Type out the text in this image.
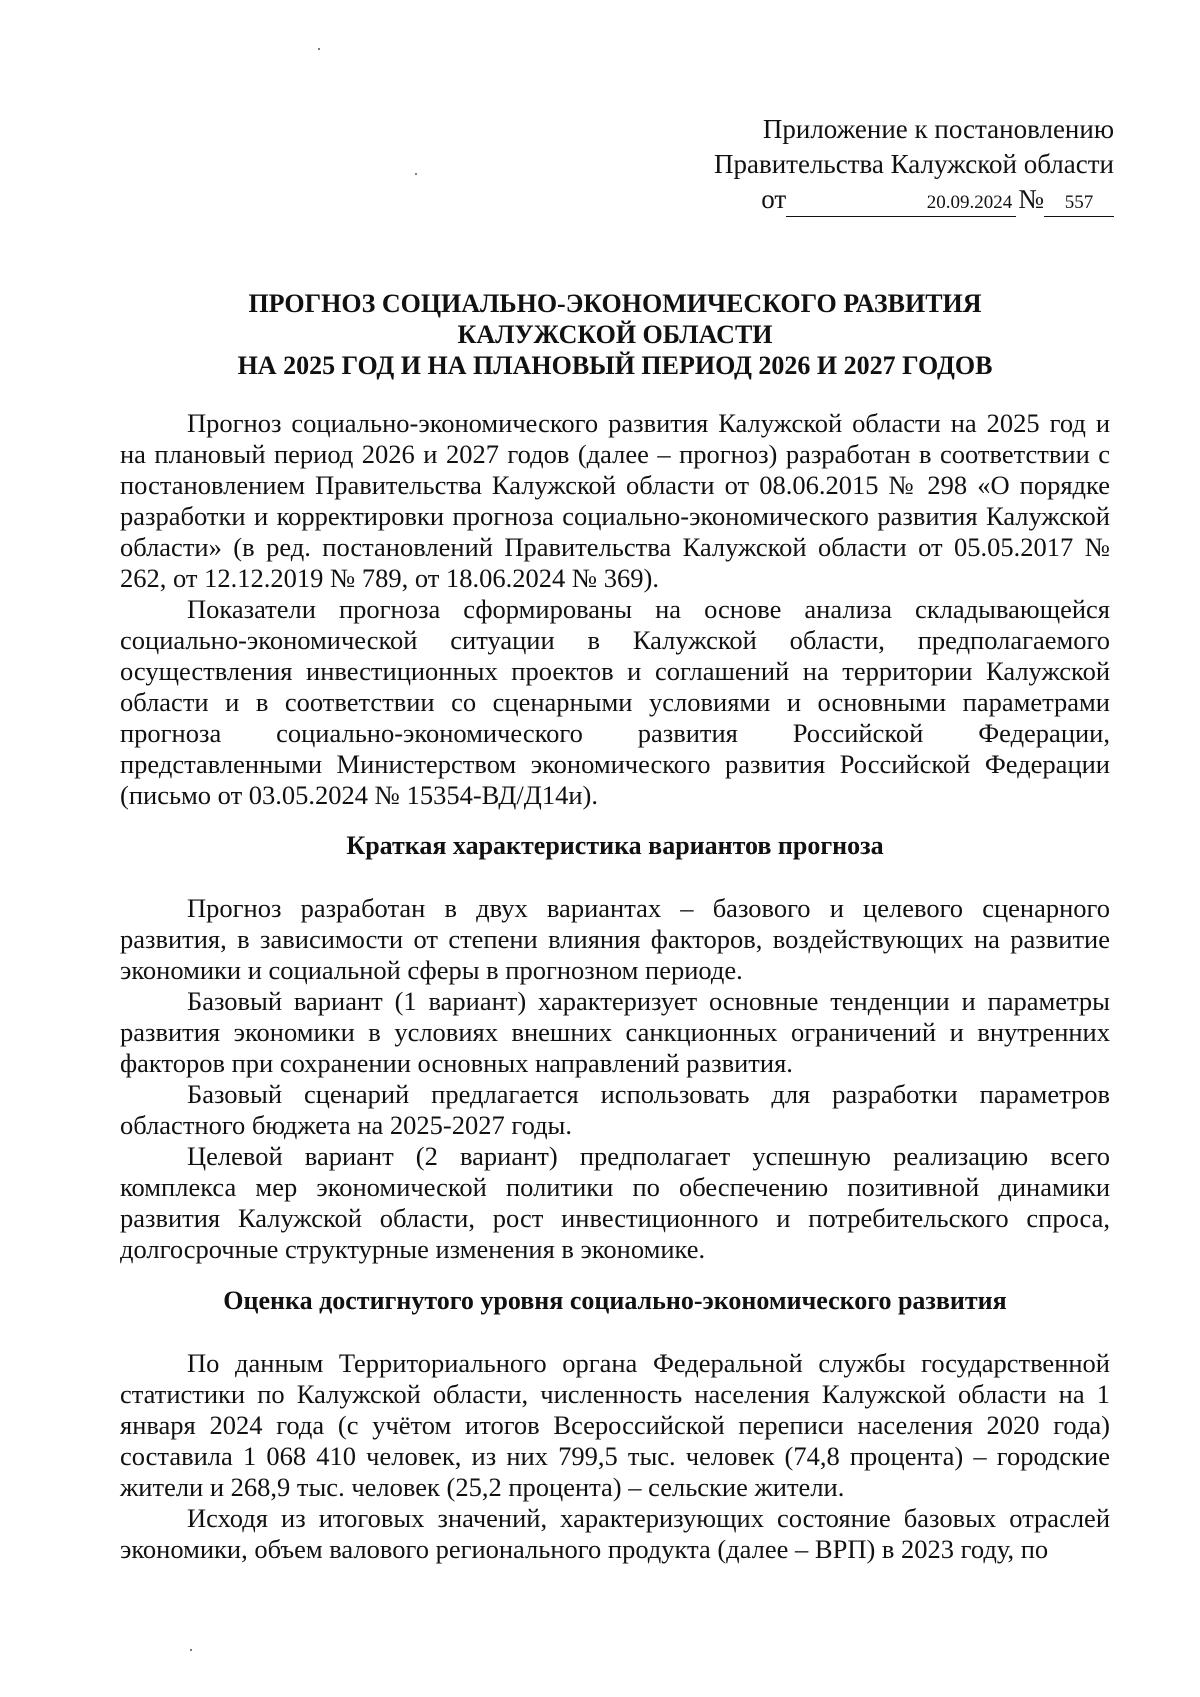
Приложение к постановлению
Правительства Калужской области
от	20.09.2024 № 557
ПРОГНОЗ СОЦИАЛЬНО-ЭКОНОМИЧЕСКОГО РАЗВИТИЯ
КАЛУЖСКОЙ ОБЛАСТИ
НА 2025 ГОД И НА ПЛАНОВЫЙ ПЕРИОД 2026 И 2027 ГОДОВ

Прогноз социально-экономического развития Калужской области на 2025 год и на плановый период 2026 и 2027 годов (далее – прогноз) разработан в соответствии с постановлением Правительства Калужской области от 08.06.2015 № 298 «О порядке разработки и корректировки прогноза социально-экономического развития Калужской области» (в ред. постановлений Правительства Калужской области от 05.05.2017 № 262, от 12.12.2019 № 789, от 18.06.2024 № 369).

Показатели прогноза сформированы на основе анализа складывающейся социально-экономической ситуации в Калужской области, предполагаемого осуществления инвестиционных проектов и соглашений на территории Калужской области и в соответствии со сценарными условиями и основными параметрами прогноза социально-экономического развития Российской Федерации, представленными Министерством экономического развития Российской Федерации (письмо от 03.05.2024 № 15354-ВД/Д14и).

Краткая характеристика вариантов прогноза

Прогноз разработан в двух вариантах – базового и целевого сценарного развития, в зависимости от степени влияния факторов, воздействующих на развитие экономики и социальной сферы в прогнозном периоде.

Базовый вариант (1 вариант) характеризует основные тенденции и параметры развития экономики в условиях внешних санкционных ограничений и внутренних факторов при сохранении основных направлений развития.

Базовый сценарий предлагается использовать для разработки параметров областного бюджета на 2025-2027 годы.

Целевой вариант (2 вариант) предполагает успешную реализацию всего комплекса мер экономической политики по обеспечению позитивной динамики развития Калужской области, рост инвестиционного и потребительского спроса, долгосрочные структурные изменения в экономике.

Оценка достигнутого уровня социально-экономического развития

По данным Территориального органа Федеральной службы государственной статистики по Калужской области, численность населения Калужской области на 1 января 2024 года (с учётом итогов Всероссийской переписи населения 2020 года) составила 1 068 410 человек, из них 799,5 тыс. человек (74,8 процента) – городские жители и 268,9 тыс. человек (25,2 процента) – сельские жители.

Исходя из итоговых значений, характеризующих состояние базовых отраслей экономики, объем валового регионального продукта (далее – ВРП) в 2023 году, по
